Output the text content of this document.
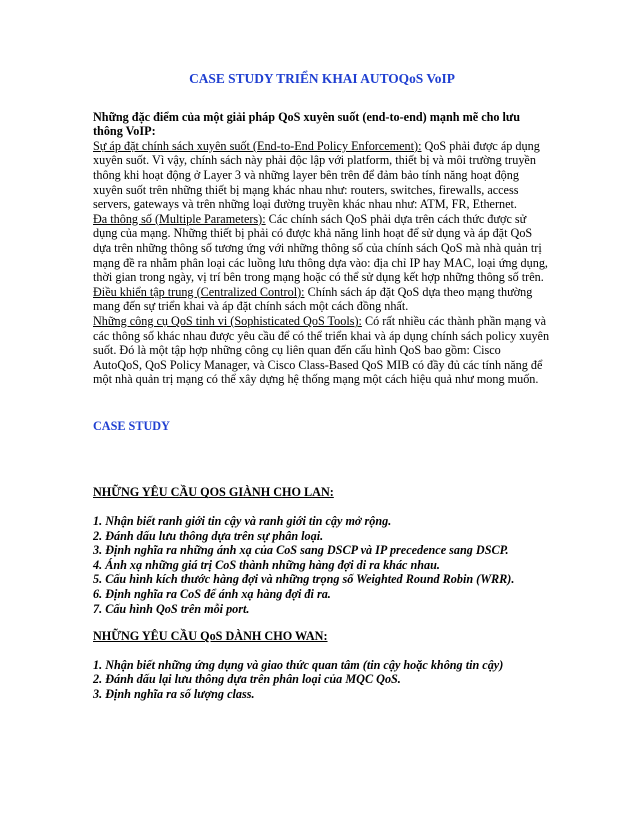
CASE STUDY TRIỂN KHAI AUTOQoS VoIP

Những đặc điểm của một giải pháp QoS xuyên suốt (end-to-end) mạnh mẽ cho lưu thông VoIP:

Sự áp đặt chính sách xuyên suốt (End-to-End Policy Enforcement): QoS phải được áp dụng xuyên suốt. Vì vậy, chính sách này phải độc lập với platform, thiết bị và môi trường truyền thông khi hoạt động ở Layer 3 và những layer bên trên để đảm bảo tính năng hoạt động xuyên suốt trên những thiết bị mạng khác nhau như: routers, switches, firewalls, access servers, gateways và trên những loại đường truyền khác nhau như: ATM, FR, Ethernet.

Đa thông số (Multiple Parameters): Các chính sách QoS phải dựa trên cách thức được sử dụng của mạng. Những thiết bị phải có được khả năng linh hoạt để sử dụng và áp đặt QoS dựa trên những thông số tương ứng với những thông số của chính sách QoS mà nhà quản trị mạng đề ra nhằm phân loại các luồng lưu thông dựa vào: địa chỉ IP hay MAC, loại ứng dụng, thời gian trong ngày, vị trí bên trong mạng hoặc có thể sử dụng kết hợp những thông số trên.

Điều khiển tập trung (Centralized Control): Chính sách áp đặt QoS dựa theo mạng thường mang đến sự triển khai và áp đặt chính sách một cách đồng nhất.

Những công cụ QoS tinh vi (Sophisticated QoS Tools): Có rất nhiều các thành phần mạng và các thông số khác nhau được yêu cầu để có thể triển khai và áp dụng chính sách policy xuyên suốt. Đó là một tập hợp những công cụ liên quan đến cấu hình QoS bao gồm: Cisco AutoQoS, QoS Policy Manager, và Cisco Class-Based QoS MIB có đầy đủ các tính năng để một nhà quản trị mạng có thể xây dựng hệ thống mạng một cách hiệu quả như mong muốn.

CASE STUDY

NHỮNG YÊU CẦU QOS GIÀNH CHO LAN:

1. Nhận biết ranh giới tin cậy và ranh giới tin cậy mở rộng.
2. Đánh dấu lưu thông dựa trên sự phân loại.
3. Định nghĩa ra những ánh xạ của CoS sang DSCP và IP precedence sang DSCP.
4. Ánh xạ những giá trị CoS thành những hàng đợi di ra khác nhau.
5. Cấu hình kích thước hàng đợi và những trọng số Weighted Round Robin (WRR).
6. Định nghĩa ra CoS để ánh xạ hàng đợi đi ra.
7. Cấu hình QoS trên mỗi port.

NHỮNG YÊU CẦU QoS DÀNH CHO WAN:

1. Nhận biết những ứng dụng và giao thức quan tâm (tin cậy hoặc không tin cậy)
2. Đánh dấu lại lưu thông dựa trên phân loại của MQC QoS.
3. Định nghĩa ra số lượng class.
